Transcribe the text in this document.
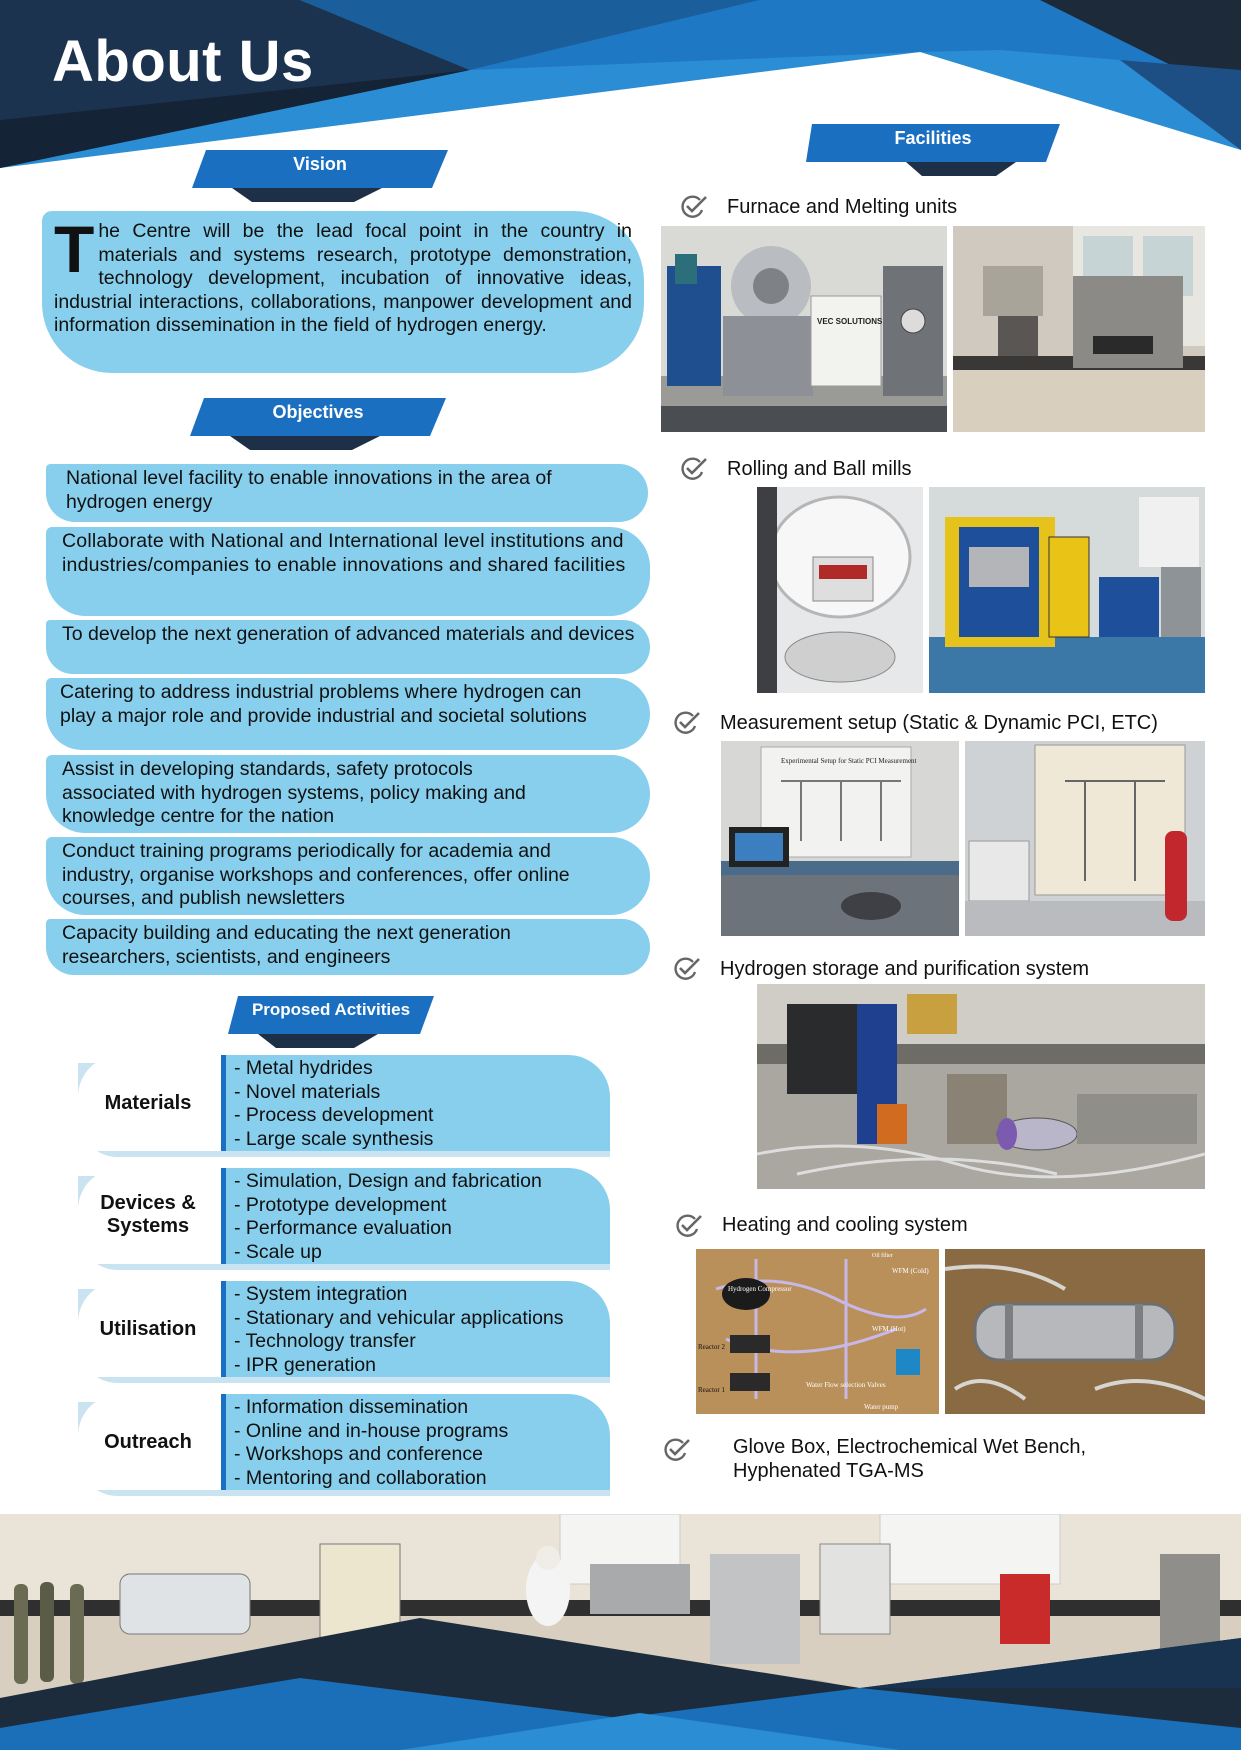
About Us
Vision
The Centre will be the lead focal point in the country in materials and systems research, prototype demonstration, technology development, incubation of innovative ideas, industrial interactions, collaborations, manpower development and information dissemination in the field of hydrogen energy.
Objectives
National level facility to enable innovations in the area of hydrogen energy
Collaborate with National and International level institutions and industries/companies to enable innovations and shared facilities
To develop the next generation of advanced materials and devices
Catering to address industrial problems where hydrogen can play a major role and provide industrial and societal solutions
Assist in developing standards, safety protocols associated with hydrogen systems, policy making and knowledge centre for the nation
Conduct training programs periodically for academia and industry, organise workshops and conferences, offer online courses, and publish newsletters
Capacity building and educating the next generation researchers, scientists, and engineers
Proposed Activities
Materials
- Metal hydrides
- Novel materials
- Process development
- Large scale synthesis
Devices & Systems
- Simulation, Design and fabrication
- Prototype development
- Performance evaluation
- Scale up
Utilisation
- System integration
- Stationary and vehicular applications
- Technology transfer
- IPR generation
Outreach
- Information dissemination
- Online and in-house programs
- Workshops and conference
- Mentoring and collaboration
Facilities
Furnace and Melting units
VEC SOLUTIONS
Rolling and Ball mills
Measurement setup (Static & Dynamic PCI, ETC)
Experimental Setup for Static PCI Measurement
Hydrogen storage and purification system
Heating and cooling system
Hydrogen Compressor
Reactor 2
Reactor 1
WFM (Cold)
WFM (Hot)
Water Flow selection Valves
Water pump
Oil filter
Glove Box, Electrochemical Wet Bench,
Hyphenated TGA-MS
